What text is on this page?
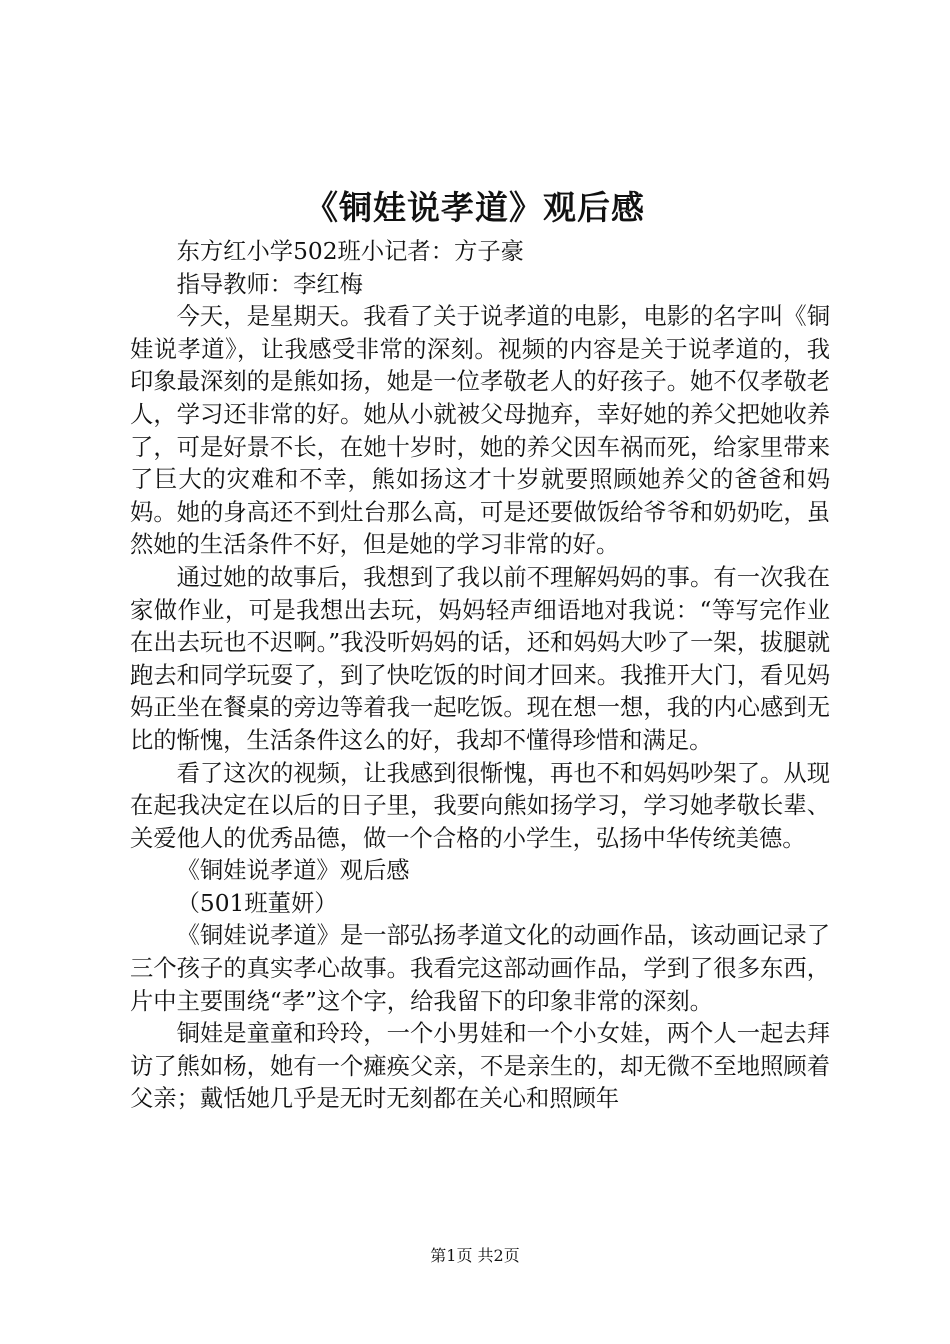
《铜娃说孝道》观后感

东方红小学502班小记者：方子豪

指导教师：李红梅

今天，是星期天。我看了关于说孝道的电影，电影的名字叫《铜娃说孝道》，让我感受非常的深刻。视频的内容是关于说孝道的，我印象最深刻的是熊如扬，她是一位孝敬老人的好孩子。她不仅孝敬老人，学习还非常的好。她从小就被父母抛弃，幸好她的养父把她收养了，可是好景不长，在她十岁时，她的养父因车祸而死，给家里带来了巨大的灾难和不幸，熊如扬这才十岁就要照顾她养父的爸爸和妈妈。她的身高还不到灶台那么高，可是还要做饭给爷爷和奶奶吃，虽然她的生活条件不好，但是她的学习非常的好。

通过她的故事后，我想到了我以前不理解妈妈的事。有一次我在家做作业，可是我想出去玩，妈妈轻声细语地对我说：“等写完作业在出去玩也不迟啊。”我没听妈妈的话，还和妈妈大吵了一架，拔腿就跑去和同学玩耍了，到了快吃饭的时间才回来。我推开大门，看见妈妈正坐在餐桌的旁边等着我一起吃饭。现在想一想，我的内心感到无比的惭愧，生活条件这么的好，我却不懂得珍惜和满足。

看了这次的视频，让我感到很惭愧，再也不和妈妈吵架了。从现在起我决定在以后的日子里，我要向熊如扬学习，学习她孝敬长辈、关爱他人的优秀品德，做一个合格的小学生，弘扬中华传统美德。

《铜娃说孝道》观后感

（501班董妍）

《铜娃说孝道》是一部弘扬孝道文化的动画作品，该动画记录了三个孩子的真实孝心故事。我看完这部动画作品，学到了很多东西，片中主要围绕“孝”这个字，给我留下的印象非常的深刻。

铜娃是童童和玲玲，一个小男娃和一个小女娃，两个人一起去拜访了熊如杨，她有一个瘫痪父亲，不是亲生的，却无微不至地照顾着父亲；戴恬她几乎是无时无刻都在关心和照顾年

第1页 共2页
